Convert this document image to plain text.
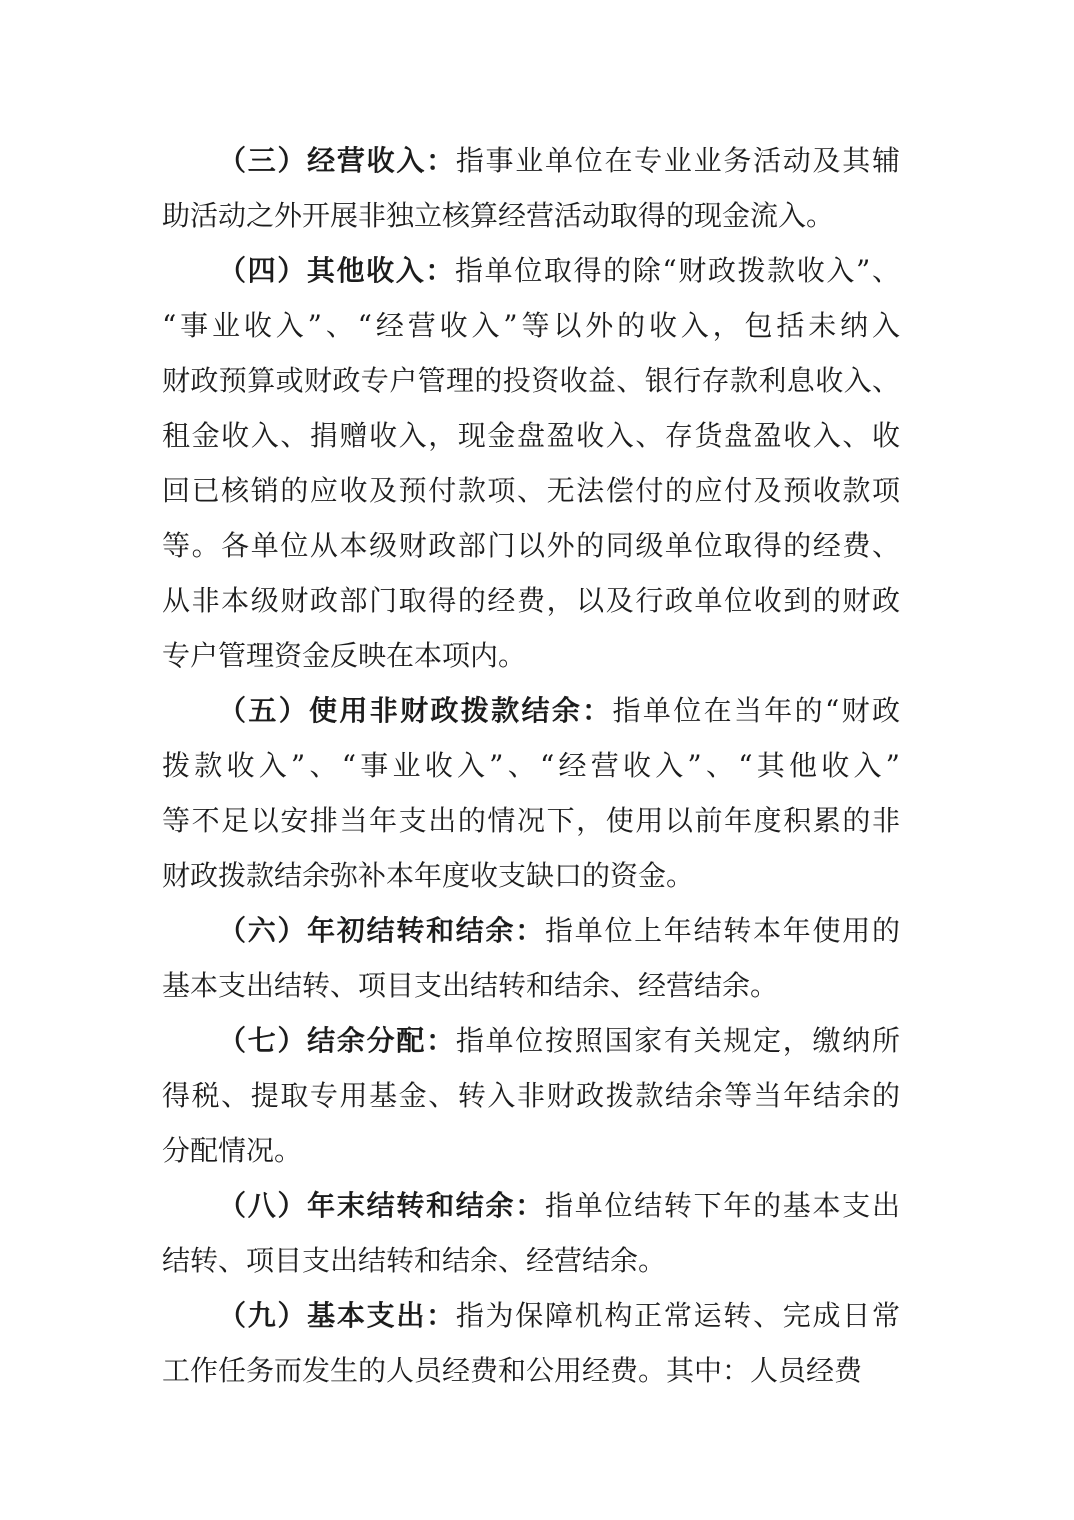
（三）经营收入：指事业单位在专业业务活动及其辅
助活动之外开展非独立核算经营活动取得的现金流入。
（四）其他收入：指单位取得的除“财政拨款收入”、
“事业收入”、“经营收入”等以外的收入，包括未纳入
财政预算或财政专户管理的投资收益、银行存款利息收入、
租金收入、捐赠收入，现金盘盈收入、存货盘盈收入、收
回已核销的应收及预付款项、无法偿付的应付及预收款项
等。各单位从本级财政部门以外的同级单位取得的经费、
从非本级财政部门取得的经费，以及行政单位收到的财政
专户管理资金反映在本项内。
（五）使用非财政拨款结余：指单位在当年的“财政
拨款收入”、“事业收入”、“经营收入”、“其他收入”
等不足以安排当年支出的情况下，使用以前年度积累的非
财政拨款结余弥补本年度收支缺口的资金。
（六）年初结转和结余：指单位上年结转本年使用的
基本支出结转、项目支出结转和结余、经营结余。
（七）结余分配：指单位按照国家有关规定，缴纳所
得税、提取专用基金、转入非财政拨款结余等当年结余的
分配情况。
（八）年末结转和结余：指单位结转下年的基本支出
结转、项目支出结转和结余、经营结余。
（九）基本支出：指为保障机构正常运转、完成日常
工作任务而发生的人员经费和公用经费。其中：人员经费
